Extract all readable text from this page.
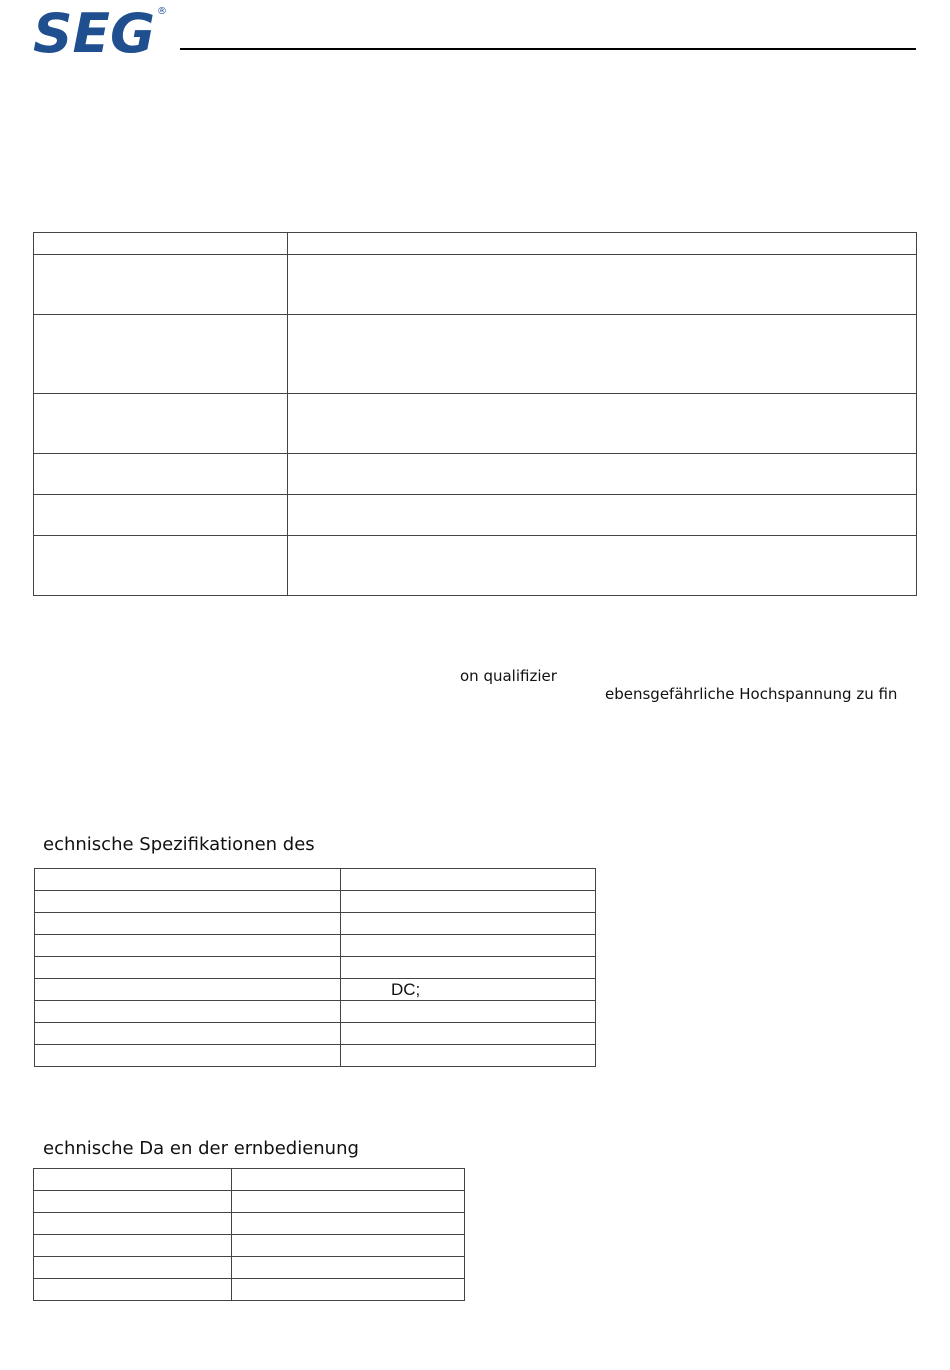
SEG ®

on qualifizier
ebensgefährliche Hochspannung zu fin
echnische Spezifikationen des

	DC;

echnische Da en der ernbedienung
